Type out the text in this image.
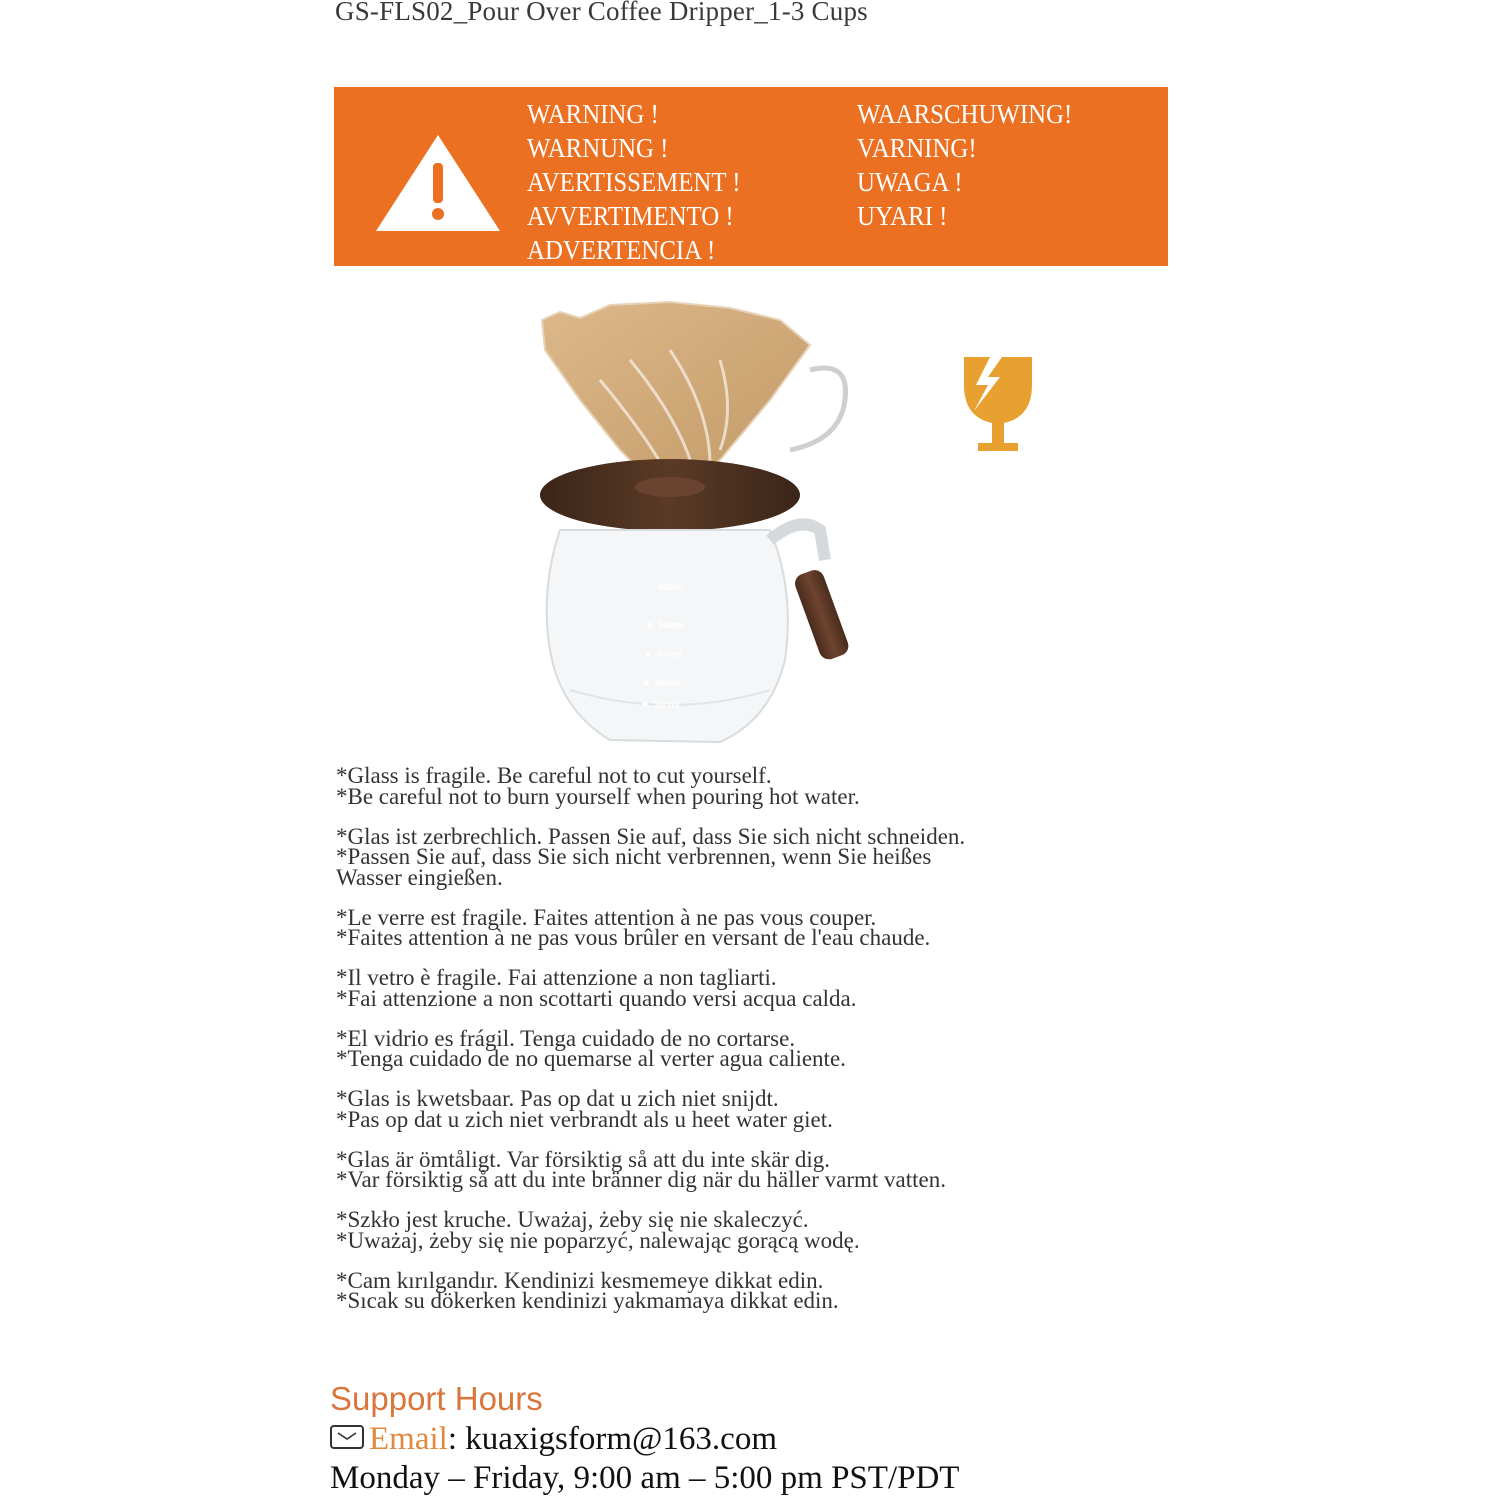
GS-FLS02_Pour Over Coffee Dripper_1-3 Cups
WARNING !
WARNUNG !
AVERTISSEMENT !
AVVERTIMENTO !
ADVERTENCIA !
WAARSCHUWING!
VARNING!
UWAGA !
UYARI !
600ml
500ml
400ml
300ml
200ml
*Glass is fragile. Be careful not to cut yourself.
*Be careful not to burn yourself when pouring hot water.
*Glas ist zerbrechlich. Passen Sie auf, dass Sie sich nicht schneiden.
*Passen Sie auf, dass Sie sich nicht verbrennen, wenn Sie heißes
Wasser eingießen.
*Le verre est fragile. Faites attention à ne pas vous couper.
*Faites attention à ne pas vous brûler en versant de l'eau chaude.
*Il vetro è fragile. Fai attenzione a non tagliarti.
*Fai attenzione a non scottarti quando versi acqua calda.
*El vidrio es frágil. Tenga cuidado de no cortarse.
*Tenga cuidado de no quemarse al verter agua caliente.
*Glas is kwetsbaar. Pas op dat u zich niet snijdt.
*Pas op dat u zich niet verbrandt als u heet water giet.
*Glas är ömtåligt. Var försiktig så att du inte skär dig.
*Var försiktig så att du inte bränner dig när du häller varmt vatten.
*Szkło jest kruche. Uważaj, żeby się nie skaleczyć.
*Uważaj, żeby się nie poparzyć, nalewając gorącą wodę.
*Cam kırılgandır. Kendinizi kesmemeye dikkat edin.
*Sıcak su dökerken kendinizi yakmamaya dikkat edin.
Support Hours
Email : kuaxigsform@163.com
Monday – Friday, 9:00 am – 5:00 pm PST/PDT
